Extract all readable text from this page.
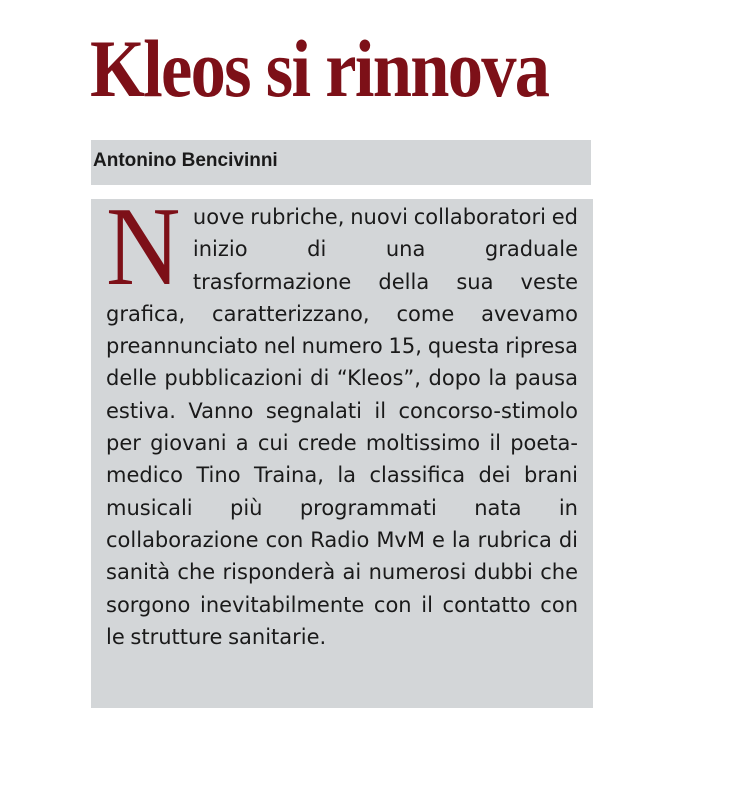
Kleos si rinnova
Antonino Bencivinni
N uove rubriche, nuovi collaboratori ed inizio di una graduale trasformazione della sua veste grafica, caratterizzano, come avevamo preannunciato nel numero 15, questa ripresa delle pubblicazioni di “Kleos”, dopo la pausa estiva. Vanno segnalati il concorso-stimolo per giovani a cui crede moltissimo il poeta-medico Tino Traina, la classifica dei brani musicali più programmati nata in collaborazione con Radio MvM e la rubrica di sanità che risponderà ai numerosi dubbi che sorgono inevitabilmente con il contatto con le strutture sanitarie.
